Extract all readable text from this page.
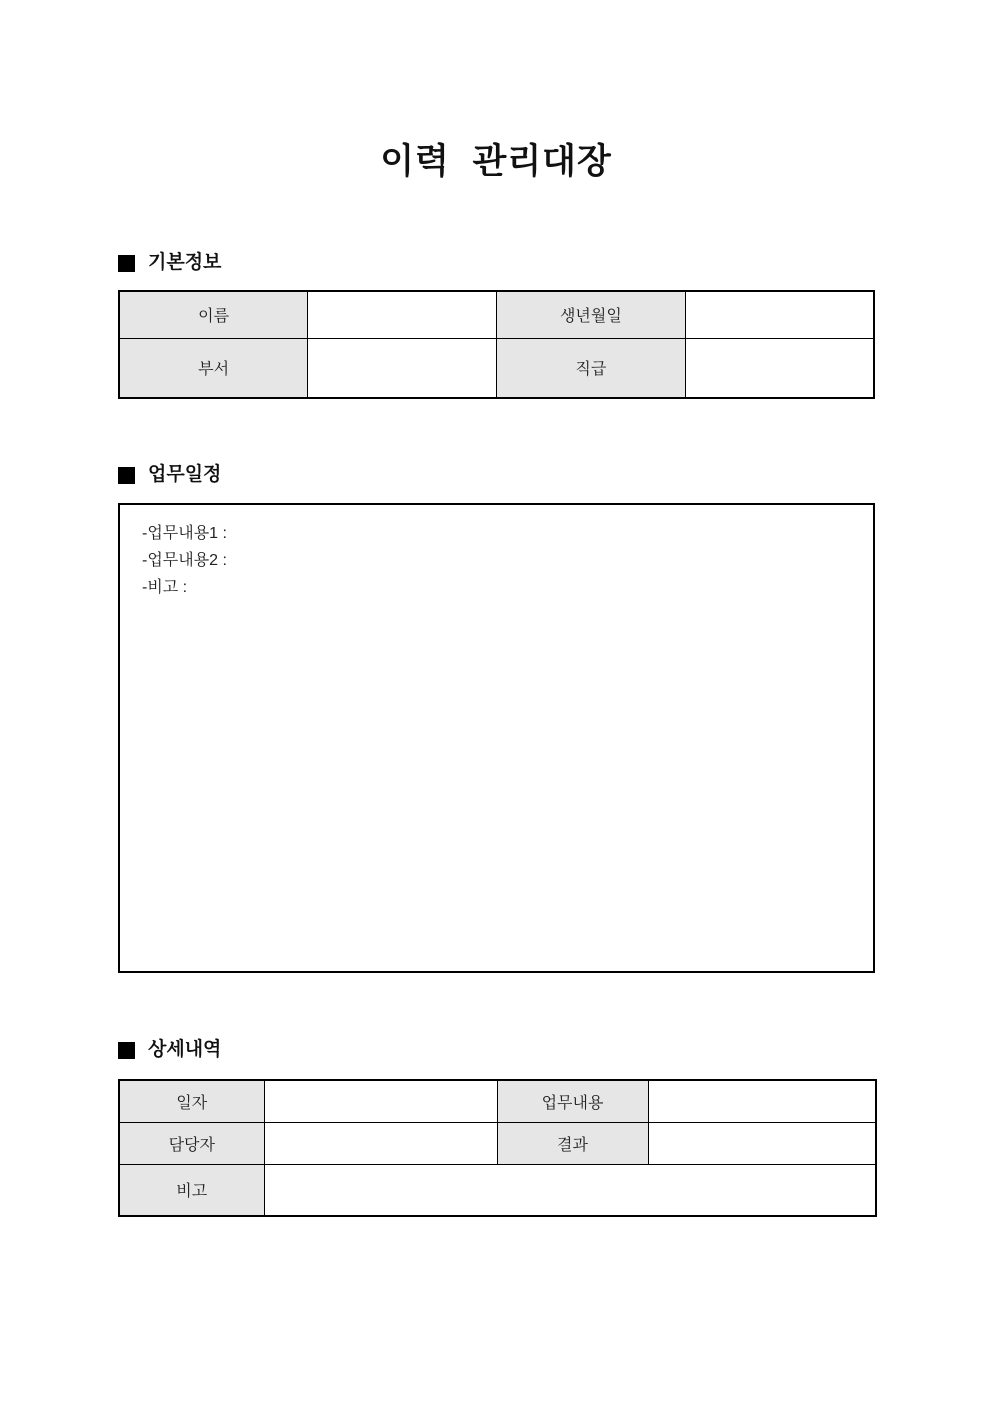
이력 관리대장
기본정보
이름		생년월일	
부서		직급	
업무일정
-업무내용1 :
-업무내용2 :
-비고 :
상세내역
일자		업무내용	
담당자		결과	
비고			
